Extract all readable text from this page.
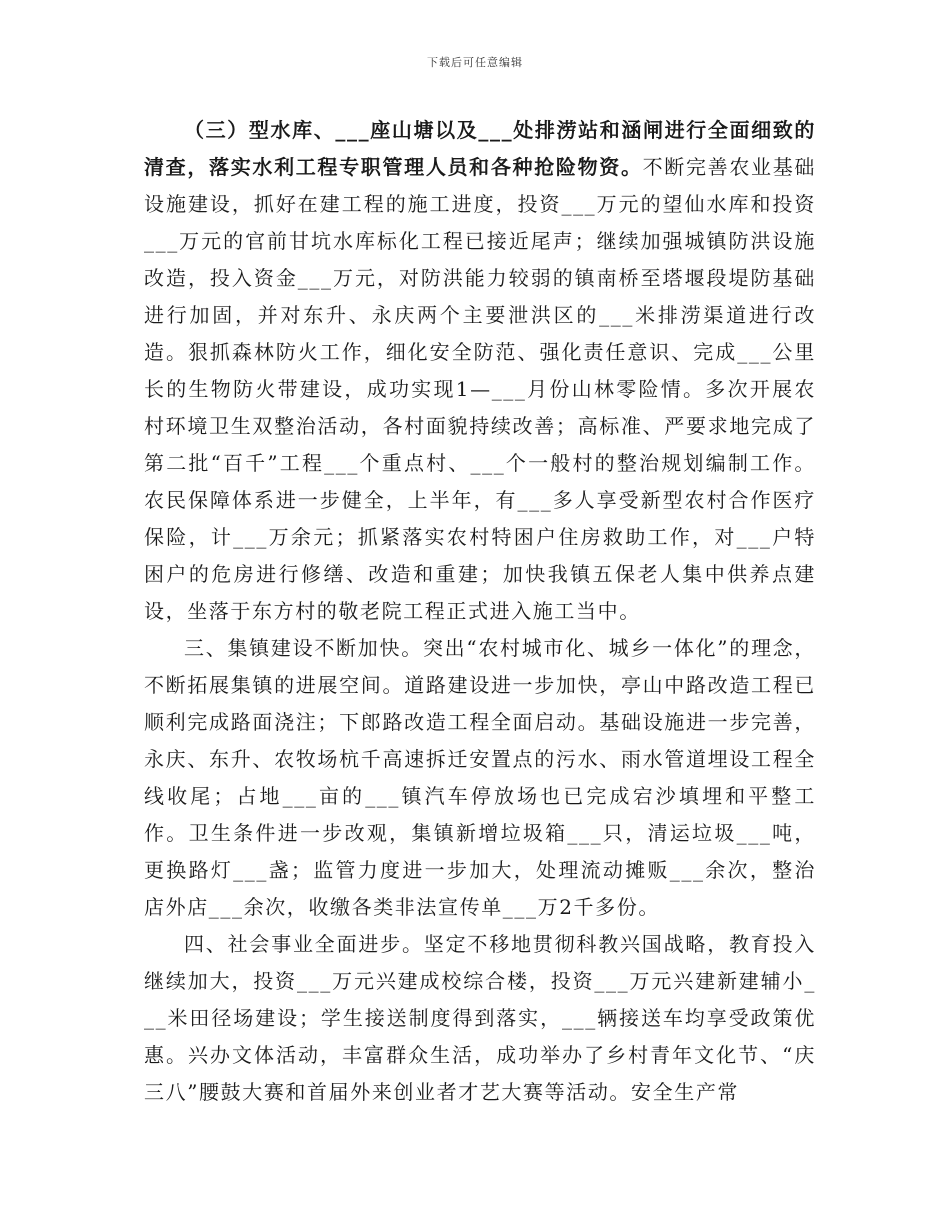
下载后可任意编辑

（三）型水库、___座山塘以及___处排涝站和涵闸进行全面细致的清查，落实水利工程专职管理人员和各种抢险物资。不断完善农业基础设施建设，抓好在建工程的施工进度，投资___万元的望仙水库和投资___万元的官前甘坑水库标化工程已接近尾声；继续加强城镇防洪设施改造，投入资金___万元，对防洪能力较弱的镇南桥至塔堰段堤防基础进行加固，并对东升、永庆两个主要泄洪区的___米排涝渠道进行改造。狠抓森林防火工作，细化安全防范、强化责任意识、完成___公里长的生物防火带建设，成功实现1—___月份山林零险情。多次开展农村环境卫生双整治活动，各村面貌持续改善；高标准、严要求地完成了第二批“百千”工程___个重点村、___个一般村的整治规划编制工作。农民保障体系进一步健全，上半年，有___多人享受新型农村合作医疗保险，计___万余元；抓紧落实农村特困户住房救助工作，对___户特困户的危房进行修缮、改造和重建；加快我镇五保老人集中供养点建设，坐落于东方村的敬老院工程正式进入施工当中。

三、集镇建设不断加快。突出“农村城市化、城乡一体化”的理念，不断拓展集镇的进展空间。道路建设进一步加快，亭山中路改造工程已顺利完成路面浇注；下郎路改造工程全面启动。基础设施进一步完善，永庆、东升、农牧场杭千高速拆迁安置点的污水、雨水管道埋设工程全线收尾；占地___亩的___镇汽车停放场也已完成宕沙填埋和平整工作。卫生条件进一步改观，集镇新增垃圾箱___只，清运垃圾___吨，更换路灯___盏；监管力度进一步加大，处理流动摊贩___余次，整治店外店___余次，收缴各类非法宣传单___万2千多份。

四、社会事业全面进步。坚定不移地贯彻科教兴国战略，教育投入继续加大，投资___万元兴建成校综合楼，投资___万元兴建新建辅小___米田径场建设；学生接送制度得到落实，___辆接送车均享受政策优惠。兴办文体活动，丰富群众生活，成功举办了乡村青年文化节、“庆三八”腰鼓大赛和首届外来创业者才艺大赛等活动。安全生产常
